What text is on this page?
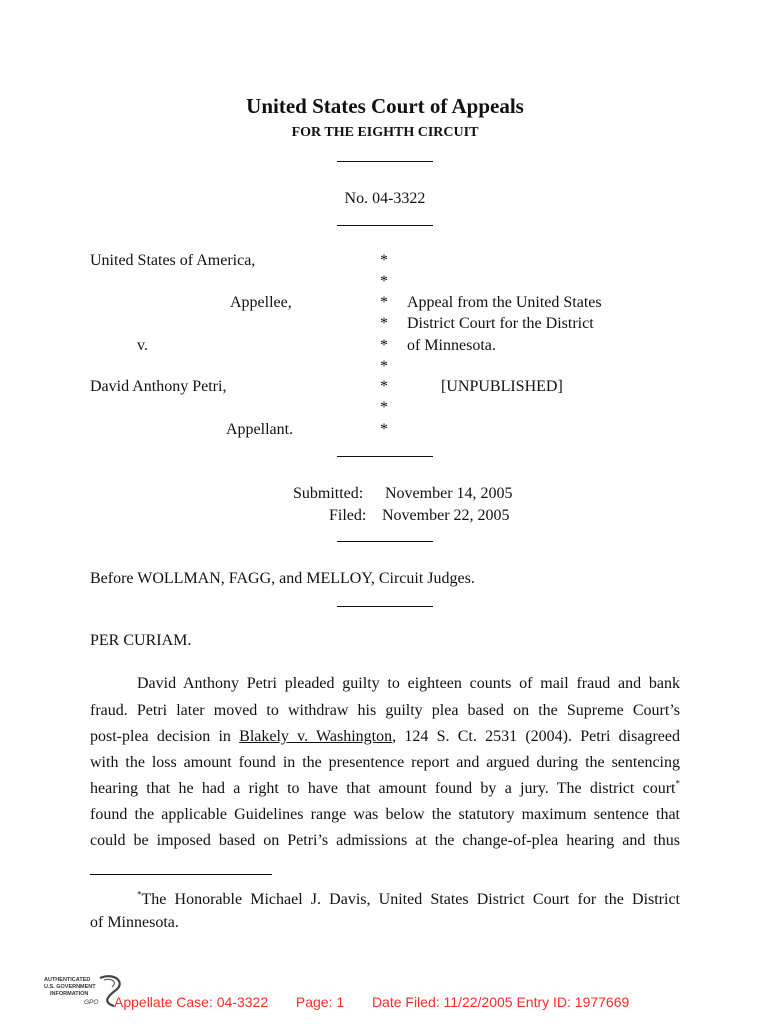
United States Court of Appeals
FOR THE EIGHTH CIRCUIT
No. 04-3322
United States of America,
Appellee,
v.
David Anthony Petri,
Appellant.
*
*
*
*
*
*
*
*
*
Appeal from the United States
District Court for the District
of Minnesota.
[UNPUBLISHED]
Submitted: November 14, 2005
Filed: November 22, 2005
Before WOLLMAN, FAGG, and MELLOY, Circuit Judges.
PER CURIAM.
David Anthony Petri pleaded guilty to eighteen counts of mail fraud and bank
fraud. Petri later moved to withdraw his guilty plea based on the Supreme Court’s
post-plea decision in Blakely v. Washington, 124 S. Ct. 2531 (2004). Petri disagreed
with the loss amount found in the presentence report and argued during the sentencing
hearing that he had a right to have that amount found by a jury. The district court*
found the applicable Guidelines range was below the statutory maximum sentence that
could be imposed based on Petri’s admissions at the change-of-plea hearing and thus
*The Honorable Michael J. Davis, United States District Court for the District
of Minnesota.
AUTHENTICATED
U.S. GOVERNMENT
INFORMATION
GPO Appellate Case: 04-3322 Page: 1 Date Filed: 11/22/2005 Entry ID: 1977669
